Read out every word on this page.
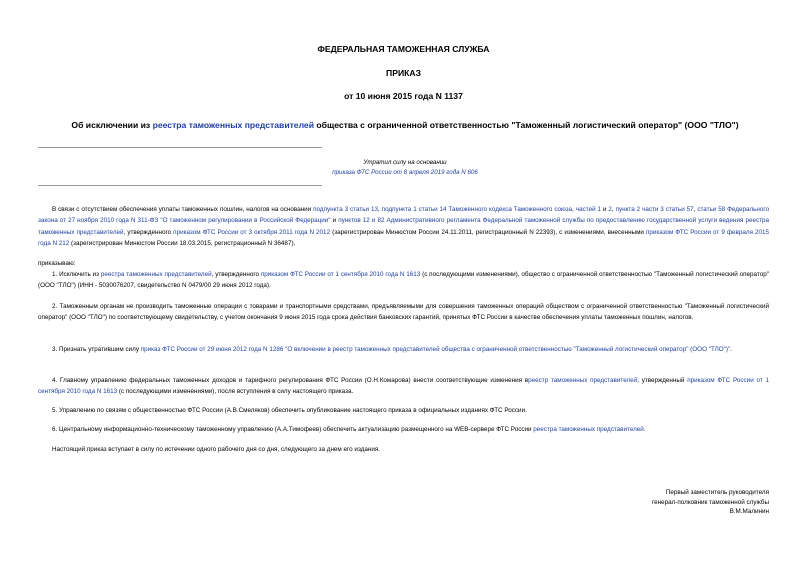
ФЕДЕРАЛЬНАЯ ТАМОЖЕННАЯ СЛУЖБА
ПРИКАЗ
от 10 июня 2015 года N 1137
Об исключении из реестра таможенных представителей общества с ограниченной ответственностью "Таможенный логистический оператор" (ООО "ТЛО")
Утратил силу на основании
приказа ФТС России от 8 апреля 2019 года N 606
В связи с отсутствием обеспечения уплаты таможенных пошлин, налогов на основании подпункта 3 статьи 13, подпункта 1 статьи 14 Таможенного кодекса Таможенного союза, частей 1 и 2, пункта 2 части 3 статьи 57, статьи 58 Федерального закона от 27 ноября 2010 года N 311-ФЗ "О таможенном регулировании в Российской Федерации" и пунктов 12 и 82 Административного регламента Федеральной таможенной службы по предоставлению государственной услуги ведения реестра таможенных представителей, утвержденного приказом ФТС России от 3 октября 2011 года N 2012 (зарегистрирован Минюстом России 24.11.2011, регистрационный N 22393), с изменениями, внесенными приказом ФТС России от 9 февраля 2015 года N 212 (зарегистрирован Минюстом России 18.03.2015, регистрационный N 36487),
приказываю:
1. Исключить из реестра таможенных представителей, утвержденного приказом ФТС России от 1 сентября 2010 года N 1613 (с последующими изменениями), общество с ограниченной ответственностью "Таможенный логистический оператор" (ООО "ТЛО") (ИНН - 5030076207, свидетельство N 0479/00 29 июня 2012 года).
2. Таможенным органам не производить таможенные операции с товарами и транспортными средствами, предъявляемыми для совершения таможенных операций обществом с ограниченной ответственностью "Таможенный логистический оператор" (ООО "ТЛО") по соответствующему свидетельству, с учетом окончания 9 июня 2015 года срока действия банковских гарантий, принятых ФТС России в качестве обеспечения уплаты таможенных пошлин, налогов.
3. Признать утратившим силу приказ ФТС России от 29 июня 2012 года N 1286 "О включении в реестр таможенных представителей общества с ограниченной ответственностью "Таможенный логистический оператор" (ООО "ТЛО")".
4. Главному управлению федеральных таможенных доходов и тарифного регулирования ФТС России (О.Н.Комарова) внести соответствующие изменения вреестр таможенных представителей, утвержденный приказом ФТС России от 1 сентября 2010 года N 1613 (с последующими изменениями), после вступления в силу настоящего приказа.
5. Управлению по связям с общественностью ФТС России (А.В.Смеляков) обеспечить опубликование настоящего приказа в официальных изданиях ФТС России.
6. Центральному информационно-техническому таможенному управлению (А.А.Тимофеев) обеспечить актуализацию размещенного на WEB-сервере ФТС России реестра таможенных представителей.
Настоящий приказ вступает в силу по истечении одного рабочего дня со дня, следующего за днем его издания.
Первый заместитель руководителя
генерал-полковник таможенной службы
В.М.Малинин
